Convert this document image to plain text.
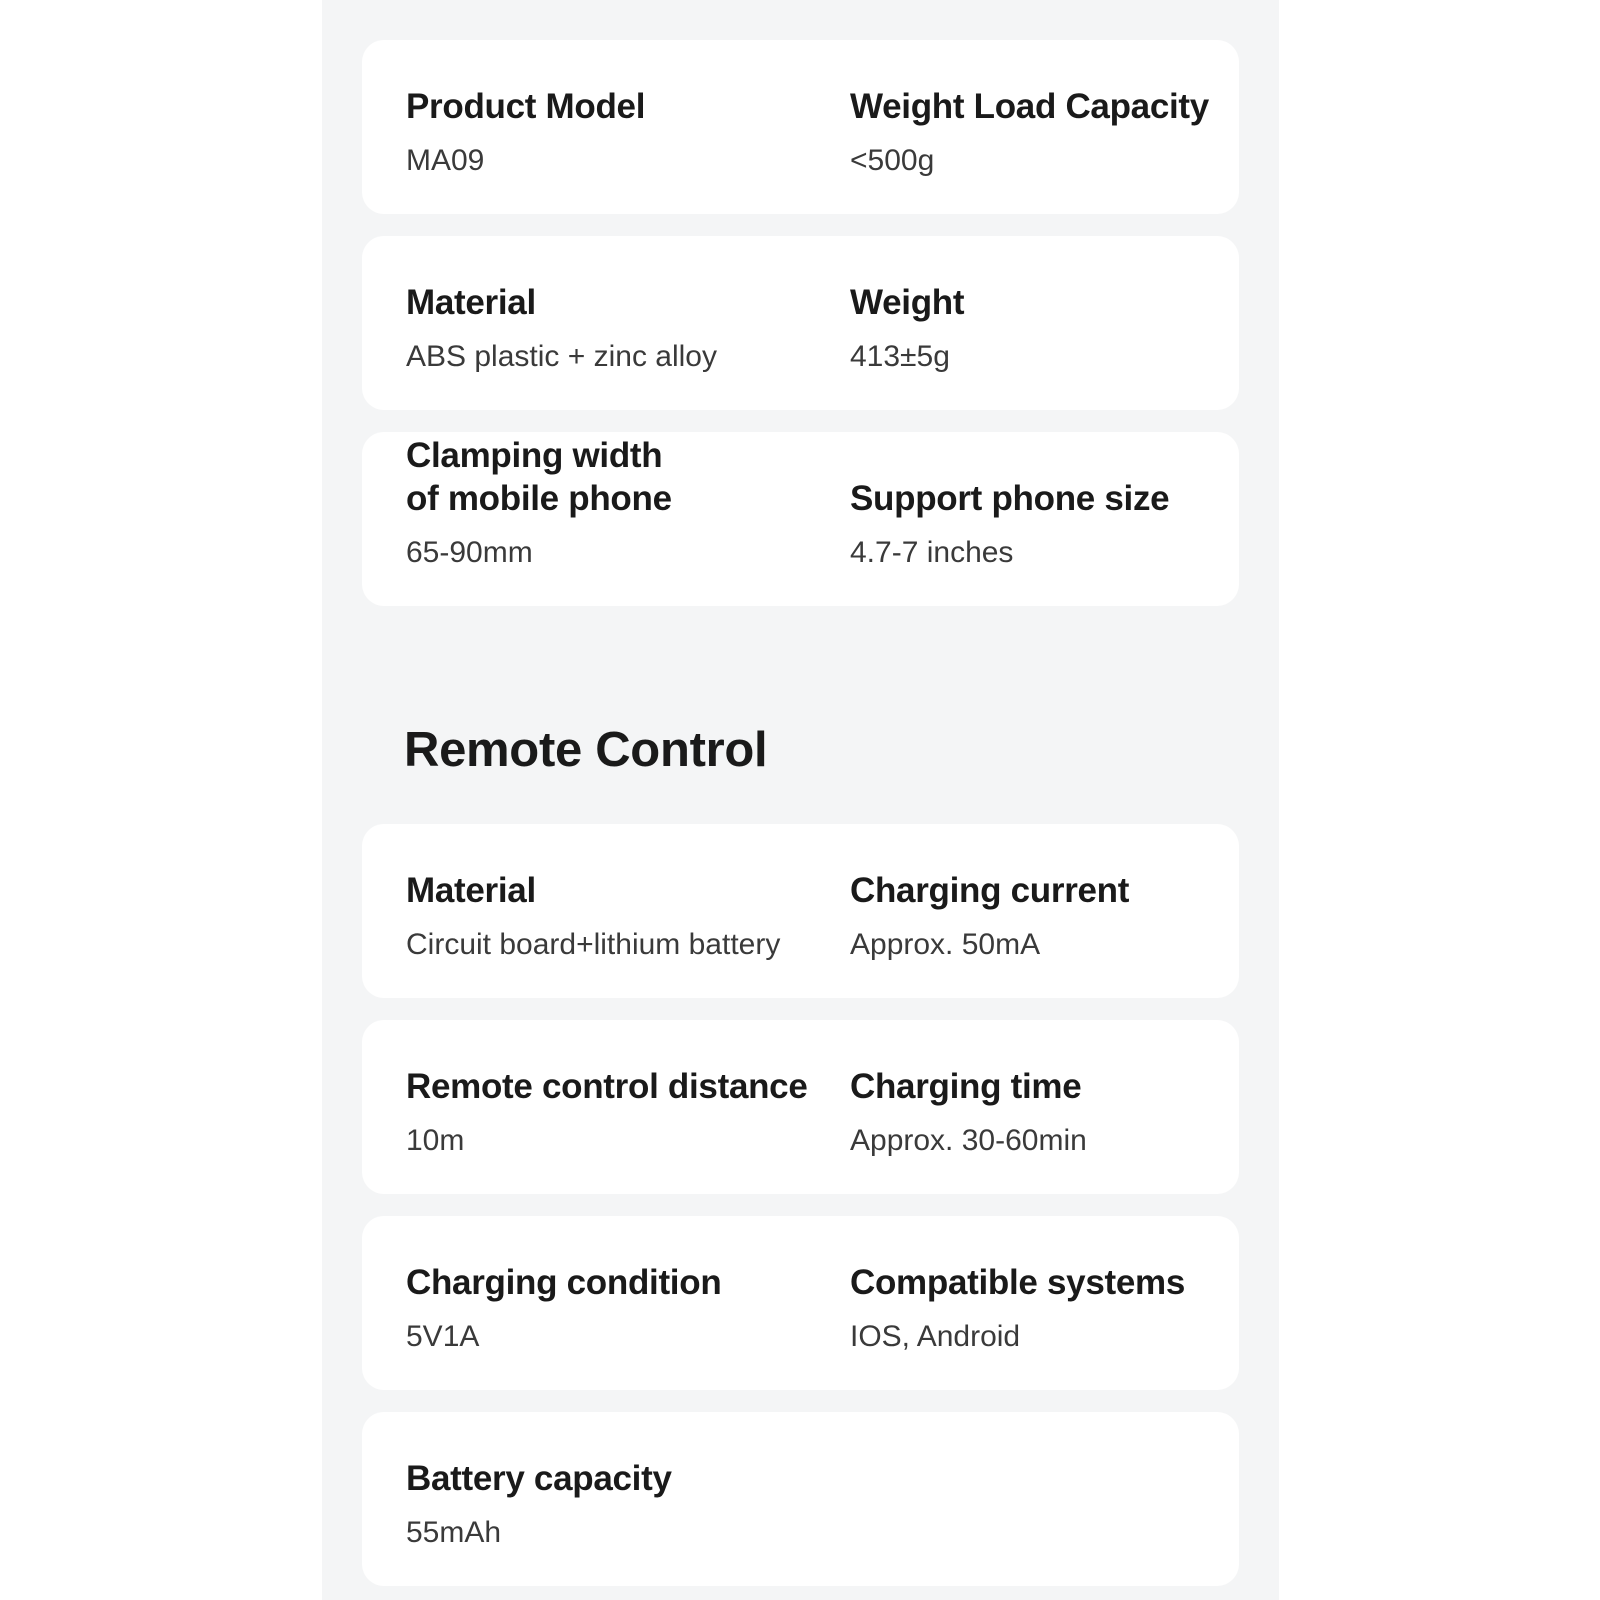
Product Model
MA09
Weight Load Capacity
<500g
Material
ABS plastic + zinc alloy
Weight
413±5g
Clamping width
of mobile phone
65-90mm
Support phone size
4.7-7 inches
Remote Control
Material
Circuit board+lithium battery
Charging current
Approx. 50mA
Remote control distance
10m
Charging time
Approx. 30-60min
Charging condition
5V1A
Compatible systems
IOS, Android
Battery capacity
55mAh
